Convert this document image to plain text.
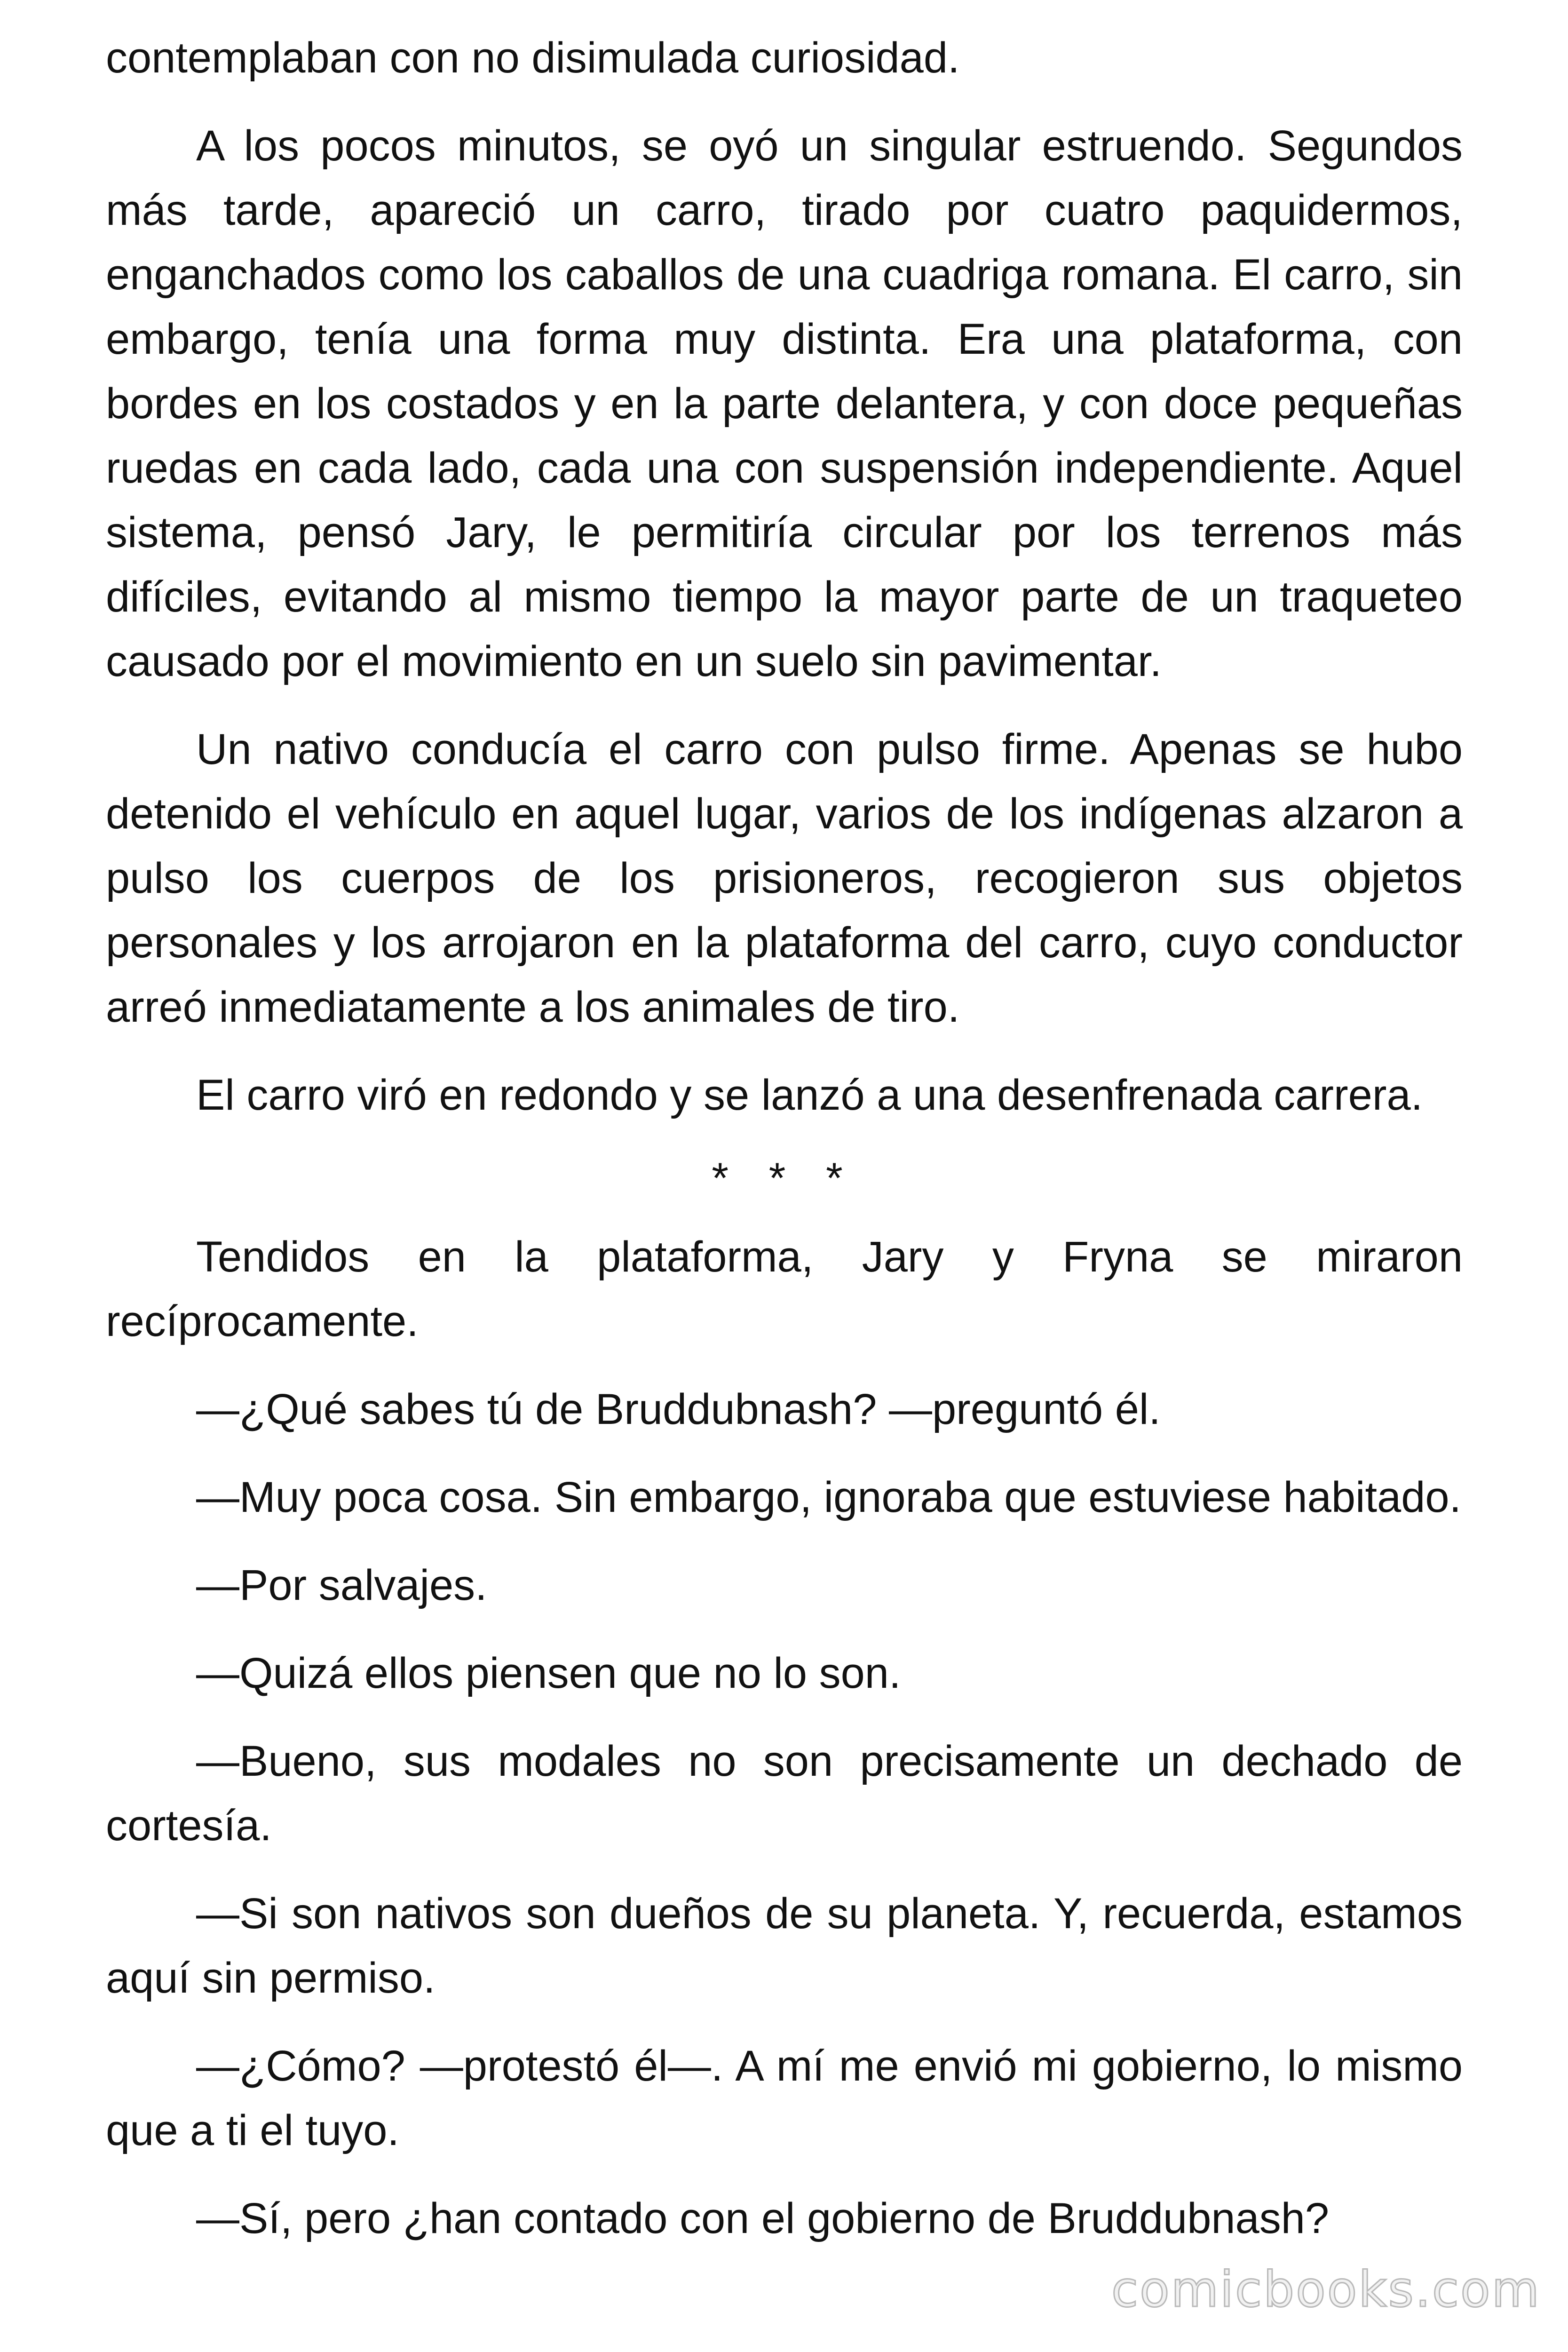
contemplaban con no disimulada curiosidad.

A los pocos minutos, se oyó un singular estruendo. Segundos más tarde, apareció un carro, tirado por cuatro paquidermos, enganchados como los caballos de una cuadriga romana. El carro, sin embargo, tenía una forma muy distinta. Era una plataforma, con bordes en los costados y en la parte delantera, y con doce pequeñas ruedas en cada lado, cada una con suspensión independiente. Aquel sistema, pensó Jary, le permitiría circular por los terrenos más difíciles, evitando al mismo tiempo la mayor parte de un traqueteo causado por el movimiento en un suelo sin pavimentar.

Un nativo conducía el carro con pulso firme. Apenas se hubo detenido el vehículo en aquel lugar, varios de los indígenas alzaron a pulso los cuerpos de los prisioneros, recogieron sus objetos personales y los arrojaron en la plataforma del carro, cuyo conductor arreó inmediatamente a los animales de tiro.

El carro viró en redondo y se lanzó a una desenfrenada carrera.

* * *

Tendidos en la plataforma, Jary y Fryna se miraron recíprocamente.

—¿Qué sabes tú de Bruddubnash? —preguntó él.

—Muy poca cosa. Sin embargo, ignoraba que estuviese habitado.

—Por salvajes.

—Quizá ellos piensen que no lo son.

—Bueno, sus modales no son precisamente un dechado de cortesía.

—Si son nativos son dueños de su planeta. Y, recuerda, estamos aquí sin permiso.

—¿Cómo? —protestó él—. A mí me envió mi gobierno, lo mismo que a ti el tuyo.

—Sí, pero ¿han contado con el gobierno de Bruddubnash?

comicbooks.com
